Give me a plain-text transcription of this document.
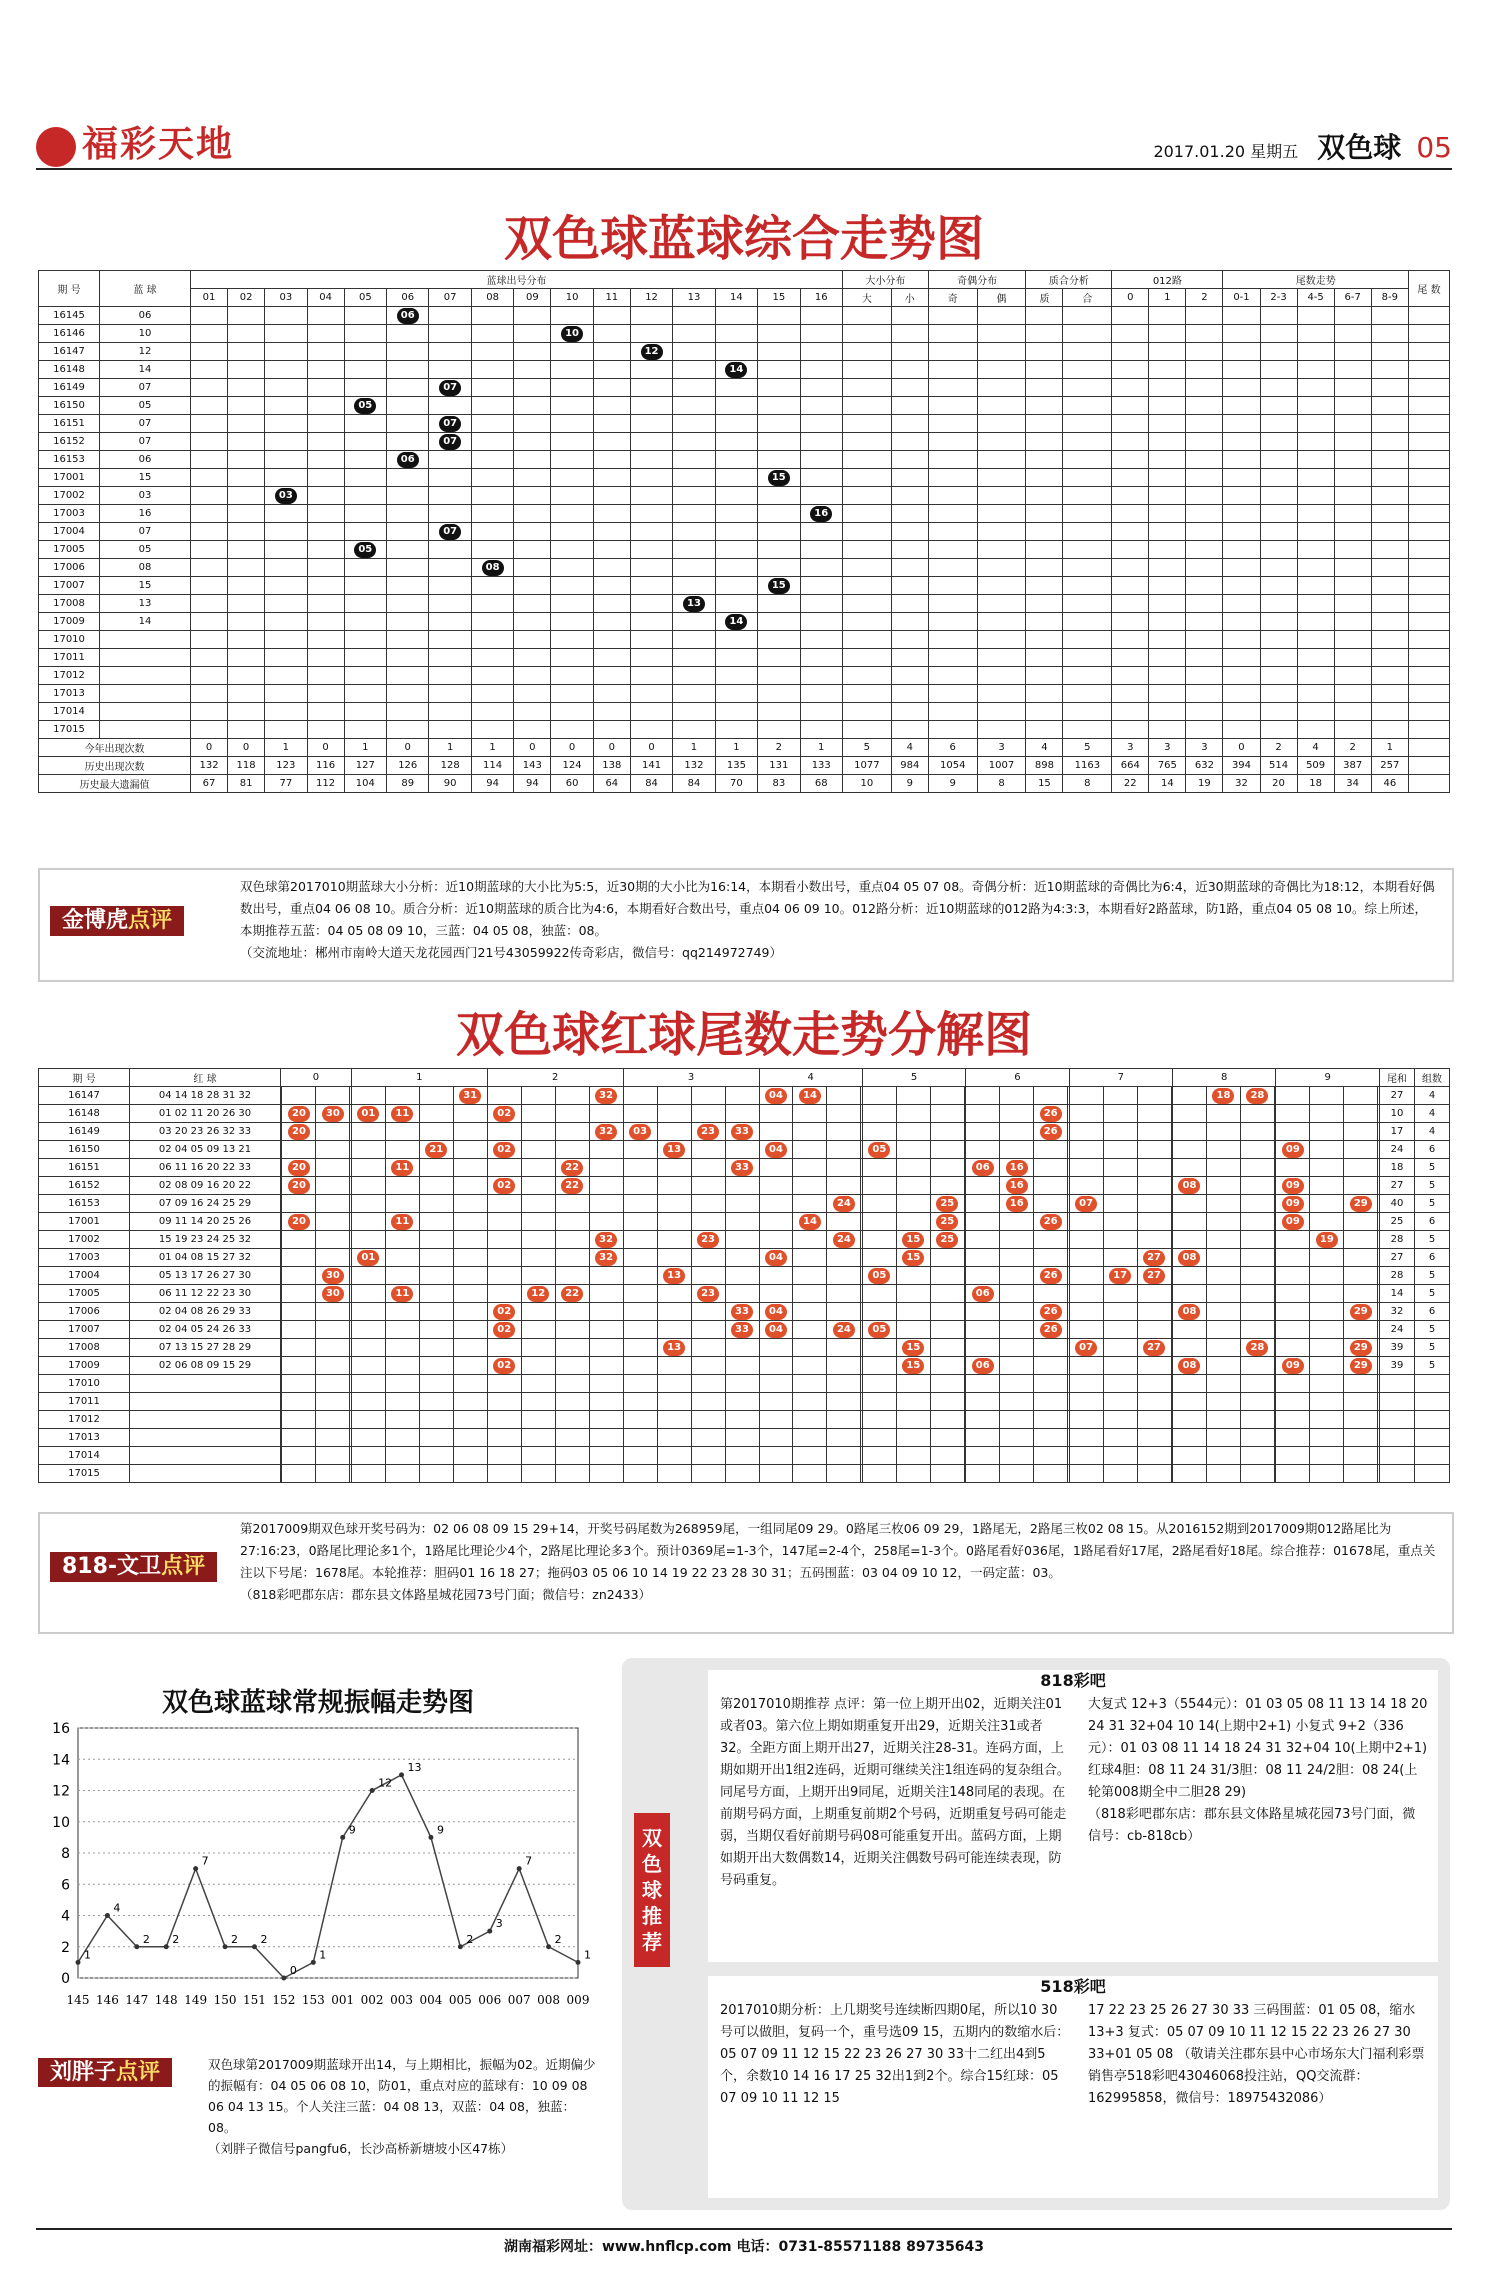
福彩天地	2017.01.20 星期五 双色球 05
双色球蓝球综合走势图
期 号	蓝 球	蓝球出号分布																大小分布		奇偶分布		质合分析		012路			尾数走势					尾 数
		01	02	03	04	05	06	07	08	09	10	11	12	13	14	15	16	大	小	奇	偶	质	合	0	1	2	0-1	2-3	4-5	6-7	8-9	
16145	06						06																									
16146	10										10																					
16147	12												12																			
16148	14														14																	
16149	07							07																								
16150	05					05																										
16151	07							07																								
16152	07							07																								
16153	06						06																									
17001	15															15																
17002	03			03																												
17003	16																16															
17004	07							07																								
17005	05					05																										
17006	08								08																							
17007	15															15																
17008	13													13																		
17009	14														14																	
17010																																
17011																																
17012																																
17013																																
17014																																
17015																																
今年出现次数		0	0	1	0	1	0	1	1	0	0	0	0	1	1	2	1	5	4	6	3	4	5	3	3	3	0	2	4	2	1	
历史出现次数		132	118	123	116	127	126	128	114	143	124	138	141	132	135	131	133	1077	984	1054	1007	898	1163	664	765	632	394	514	509	387	257	
历史最大遗漏值		67	81	77	112	104	89	90	94	94	60	64	84	84	70	83	68	10	9	9	8	15	8	22	14	19	32	20	18	34	46	
金博虎点评
双色球第2017010期蓝球大小分析：近10期蓝球的大小比为5:5，近30期的大小比为16:14，本期看小数出号，重点04 05 07 08。奇偶分析：近10期蓝球的奇偶比为6:4，近30期蓝球的奇偶比为18:12，本期看好偶数出号，重点04 06 08 10。质合分析：近10期蓝球的质合比为4:6，本期看好合数出号，重点04 06 09 10。012路分析：近10期蓝球的012路为4:3:3，本期看好2路蓝球，防1路，重点04 05 08 10。综上所述，本期推荐五蓝：04 05 08 09 10，三蓝：04 05 08，独蓝：08。
（交流地址：郴州市南岭大道天龙花园西门21号43059922传奇彩店，微信号：qq214972749）
双色球红球尾数走势分解图
期 号	红 球	0			1				2				3				4				5			6				7			8			9				尾和	组数
16147	04 14 18 28 31 32								31				32					04	14																18	28						27	4
16148	01 02 11 20 26 30		20	30		01	11			02																		26														10	4
16149	03 20 23 26 32 33		20										32	03		23	33											26														17	4
16150	02 04 05 09 13 21							21		02					13			04				05																09				24	6
16151	06 11 16 20 22 33		20				11					22					33									06	16															18	5
16152	02 08 09 16 20 22		20							02		22															16							08				09				27	5
16153	07 09 16 24 25 29																			24				25			16			07								09		29		40	5
17001	09 11 14 20 25 26		20				11												14					25				26										09				25	6
17002	15 19 23 24 25 32												32			23				24			15	25															19			28	5
17003	01 04 08 15 27 32					01							32					04					15									27		08								27	6
17004	05 13 17 26 27 30			30											13							05						26			17	27										28	5
17005	06 11 12 22 23 30			30			11				12	22				23										06																14	5
17006	02 04 08 26 29 33									02							33	04										26						08						29		32	6
17007	02 04 05 24 26 33									02							33	04		24		05						26														24	5
17008	07 13 15 27 28 29														13								15							07		27				28				29		39	5
17009	02 06 08 09 15 29									02													15			06								08				09		29		39	5
17010																																											
17011																																											
17012																																											
17013																																											
17014																																											
17015																																											
818-文卫点评
第2017009期双色球开奖号码为：02 06 08 09 15 29+14，开奖号码尾数为268959尾，一组同尾09 29。0路尾三枚06 09 29，1路尾无，2路尾三枚02 08 15。从2016152期到2017009期012路尾比为27:16:23，0路尾比理论多1个，1路尾比理论少4个，2路尾比理论多3个。预计0369尾=1-3个，147尾=2-4个，258尾=1-3个。0路尾看好036尾，1路尾看好17尾，2路尾看好18尾。综合推荐：01678尾，重点关注以下号尾：1678尾。本轮推荐：胆码01 16 18 27；拖码03 05 06 10 14 19 22 23 28 30 31；五码围蓝：03 04 09 10 12，一码定蓝：03。
（818彩吧郡东店：郡东县文体路星城花园73号门面；微信号：zn2433）
双色球蓝球常规振幅走势图
16
14
12
10
8
6
4
2
0
145 146 147 148 149 150 151 152 153 001 002 003 004 005 006 007 008 009
1
4
2 2
7
2 2
0
1
9
12
13
9
2
3
7
2
1
刘胖子点评	双色球第2017009期蓝球开出14，与上期相比，振幅为02。近期偏少的振幅有：04 05 06 08 10，防01，重点对应的蓝球有：10 09 08 06 04 13 15。个人关注三蓝：04 08 13，双蓝：04 08，独蓝：08。
（刘胖子微信号pangfu6，长沙高桥新塘坡小区47栋）
双色球推荐
818彩吧
第2017010期推荐 点评：第一位上期开出02，近期关注01或者03。第六位上期如期重复开出29，近期关注31或者32。全距方面上期开出27，近期关注28-31。连码方面，上期如期开出1组2连码，近期可继续关注1组连码的复杂组合。同尾号方面，上期开出9同尾，近期关注148同尾的表现。在前期号码方面，上期重复前期2个号码，近期重复号码可能走弱，当期仅看好前期号码08可能重复开出。蓝码方面，上期如期开出大数偶数14，近期关注偶数号码可能连续表现，防号码重复。
大复式 12+3（5544元）：01 03 05 08 11 13 14 18 20 24 31 32+04 10 14(上期中2+1) 小复式 9+2（336元）：01 03 08 11 14 18 24 31 32+04 10(上期中2+1) 红球4胆：08 11 24 31/3胆：08 11 24/2胆：08 24(上轮第008期全中二胆28 29)
（818彩吧郡东店：郡东县文体路星城花园73号门面，微信号：cb-818cb）
518彩吧
2017010期分析：上几期奖号连续断四期0尾，所以10 30号可以做胆，复码一个，重号选09 15，五期内的数缩水后：05 07 09 11 12 15 22 23 26 27 30 33十二红出4到5个，余数10 14 16 17 25 32出1到2个。综合15红球：05 07 09 10 11 12 15
17 22 23 25 26 27 30 33 三码围蓝：01 05 08，缩水13+3 复式：05 07 09 10 11 12 15 22 23 26 27 30 33+01 05 08 （敬请关注郡东县中心市场东大门福利彩票销售亭518彩吧43046068投注站，QQ交流群：162995858，微信号：18975432086）
湖南福彩网址：www.hnflcp.com 电话：0731-85571188 89735643
